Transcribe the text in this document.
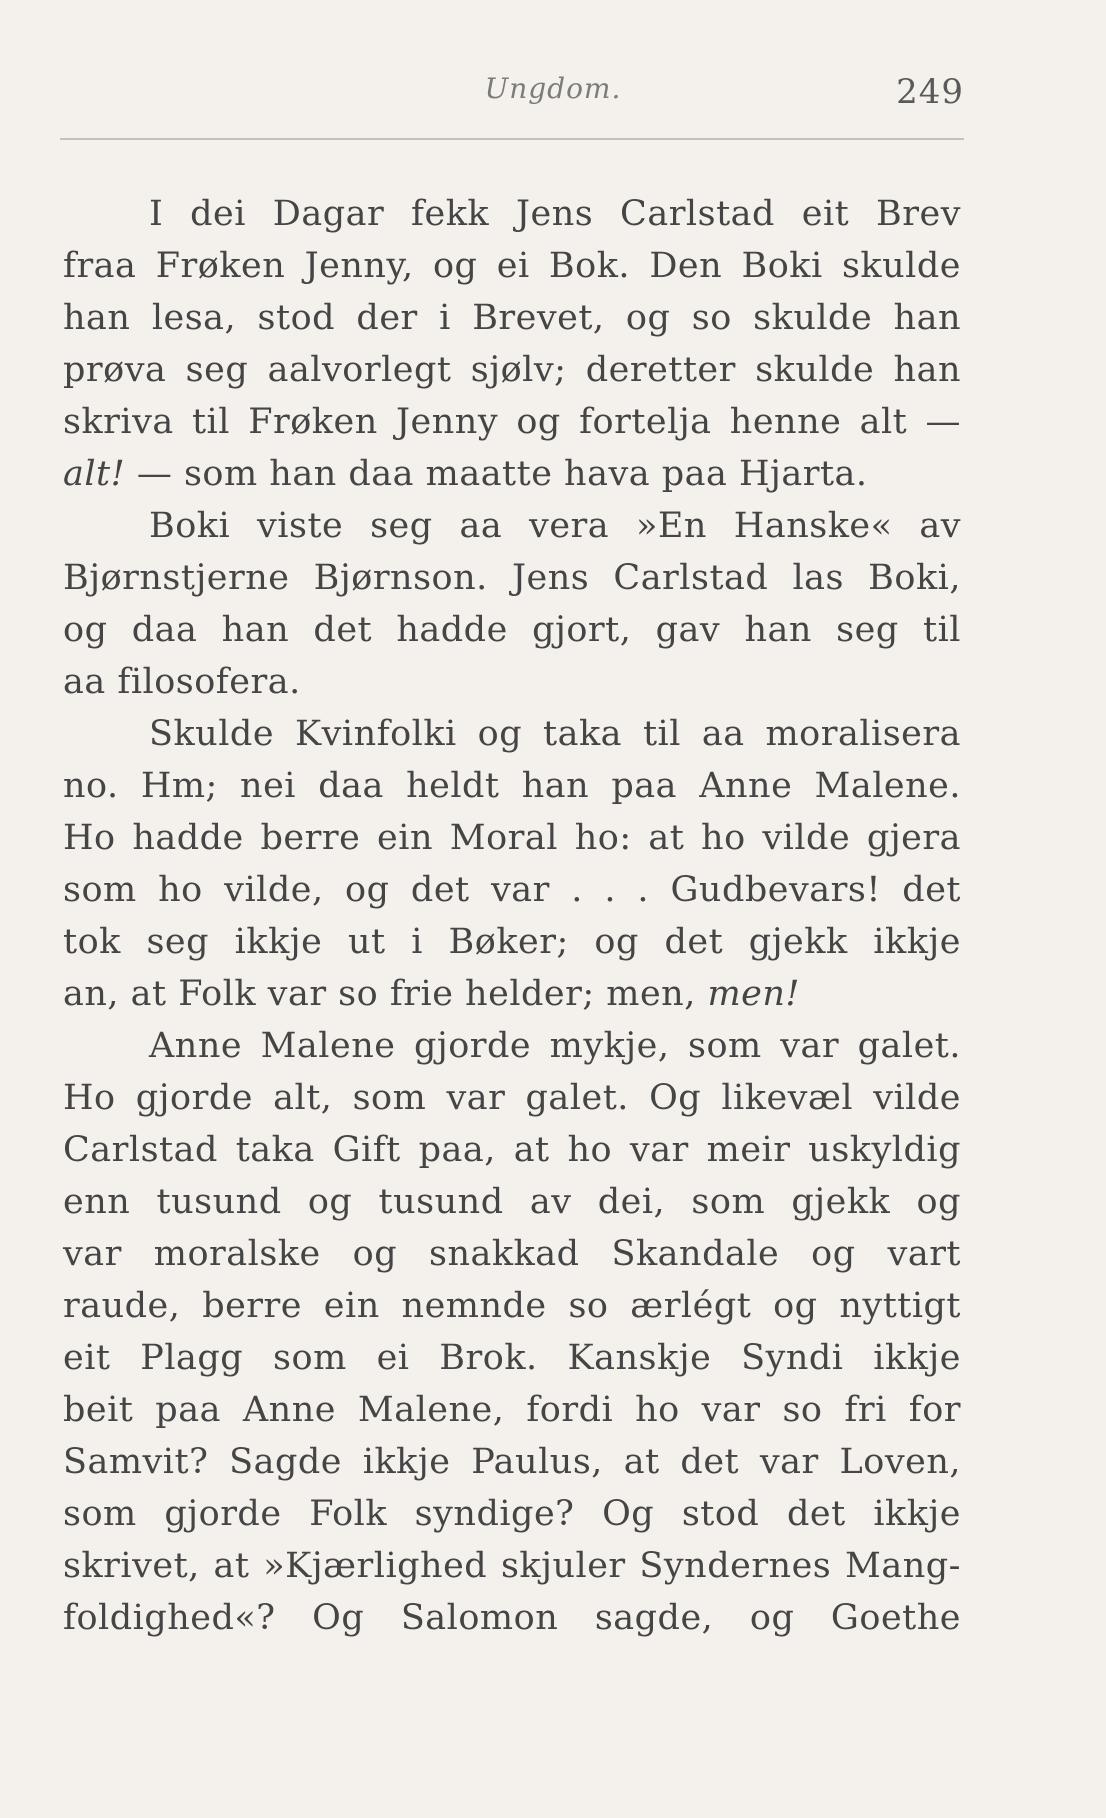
Ungdom.	249
I dei Dagar fekk Jens Carlstad eit Brev
fraa Frøken Jenny, og ei Bok. Den Boki skulde
han lesa, stod der i Brevet, og so skulde han
prøva seg aalvorlegt sjølv; deretter skulde han
skriva til Frøken Jenny og fortelja henne alt —
alt! — som han daa maatte hava paa Hjarta.
Boki viste seg aa vera »En Hanske« av
Bjørnstjerne Bjørnson. Jens Carlstad las Boki,
og daa han det hadde gjort, gav han seg til
aa filosofera.
Skulde Kvinfolki og taka til aa moralisera
no. Hm; nei daa heldt han paa Anne Malene.
Ho hadde berre ein Moral ho: at ho vilde gjera
som ho vilde, og det var . . . Gudbevars! det
tok seg ikkje ut i Bøker; og det gjekk ikkje
an, at Folk var so frie helder; men, men!
Anne Malene gjorde mykje, som var galet.
Ho gjorde alt, som var galet. Og likevæl vilde
Carlstad taka Gift paa, at ho var meir uskyldig
enn tusund og tusund av dei, som gjekk og
var moralske og snakkad Skandale og vart
raude, berre ein nemnde so ærlégt og nyttigt
eit Plagg som ei Brok. Kanskje Syndi ikkje
beit paa Anne Malene, fordi ho var so fri for
Samvit? Sagde ikkje Paulus, at det var Loven,
som gjorde Folk syndige? Og stod det ikkje
skrivet, at »Kjærlighed skjuler Syndernes Mang-
foldighed«? Og Salomon sagde, og Goethe
